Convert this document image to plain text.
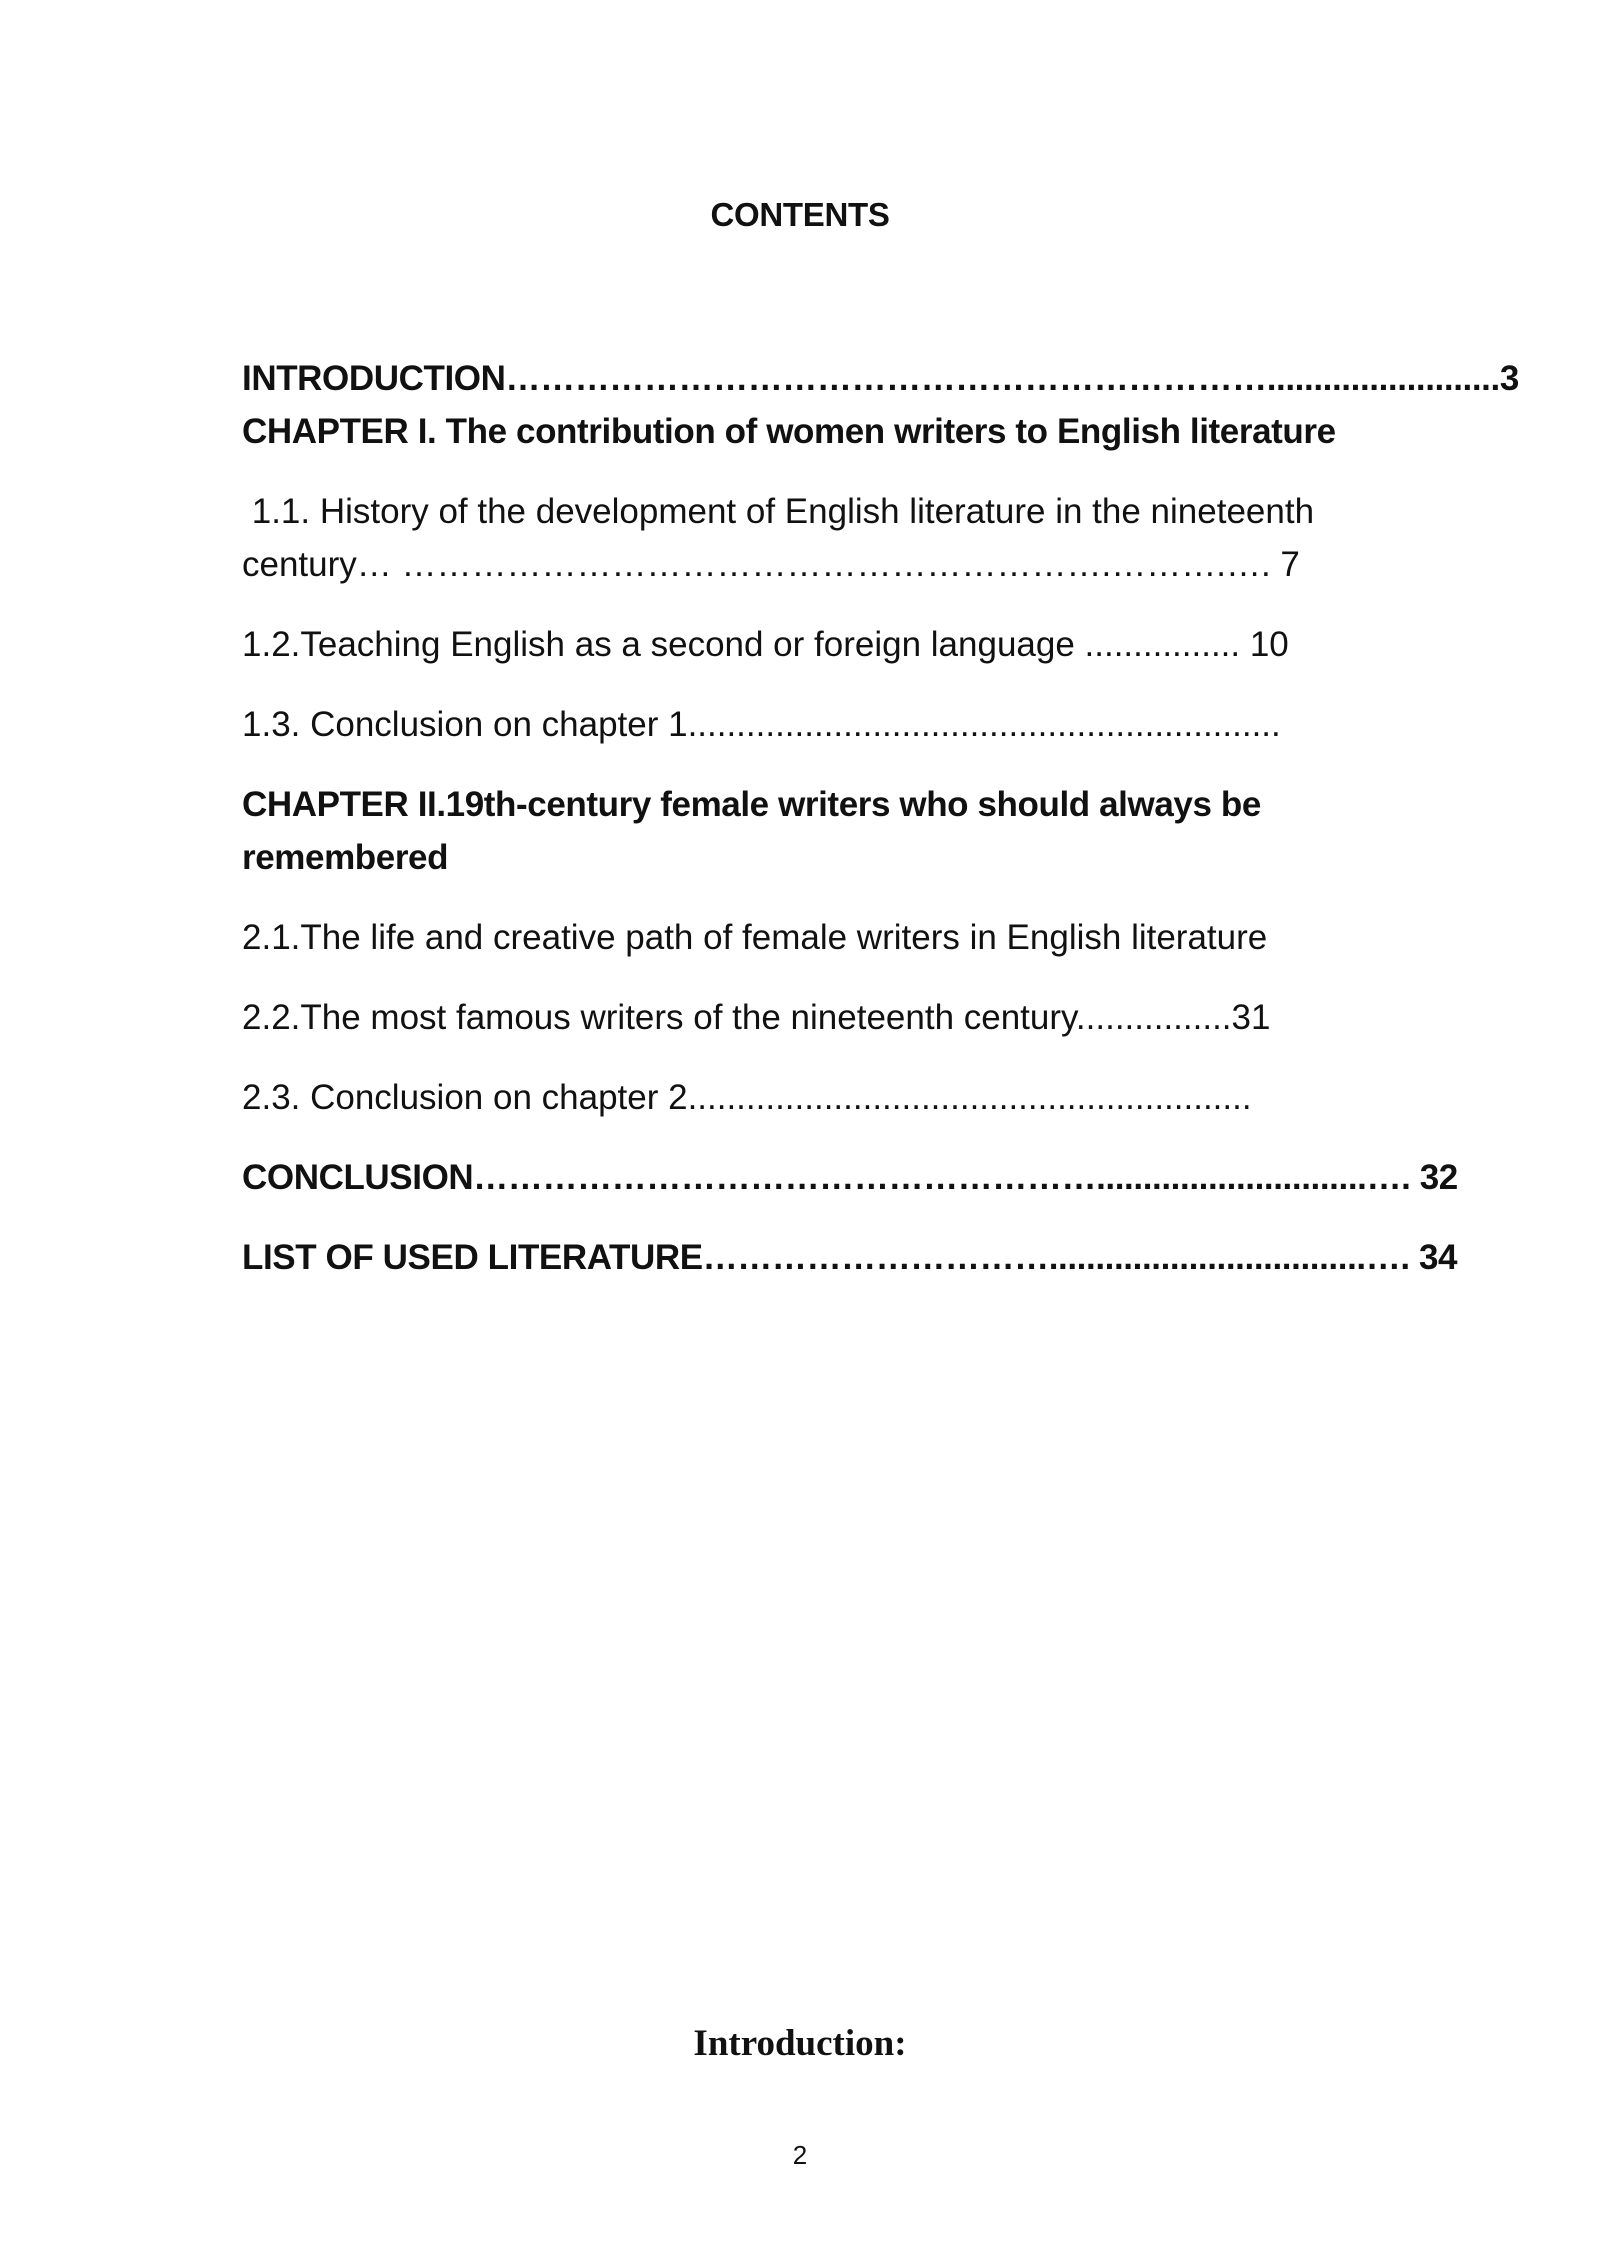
CONTENTS
INTRODUCTION………………………………………………………….........................3
CHAPTER I. The contribution of women writers to English literature
1.1. History of the development of English literature in the nineteenth
century… …………………………………………………….……….…. 7
1.2.Teaching English as a second or foreign language ................ 10
1.3. Conclusion on chapter 1.............................................................
CHAPTER II.19th-century female writers who should always be
remembered
2.1.The life and creative path of female writers in English literature
2.2.The most famous writers of the nineteenth century................31
2.3. Conclusion on chapter 2..........................................................
CONCLUSION……………………………………………….............................…. 32
LIST OF USED LITERATURE…………………………..................................…. 34
Introduction:
2
